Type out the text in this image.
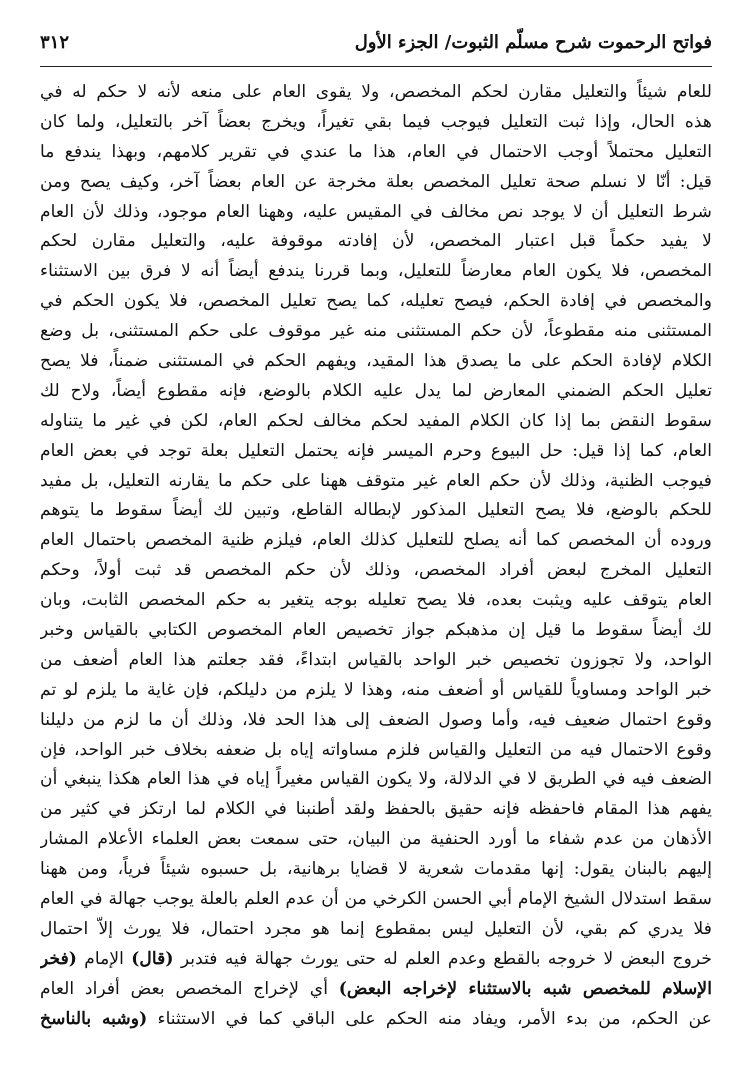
فواتح الرحموت شرح مسلّم الثبوت/ الجزء الأول
٣١٢
للعام شيئاً والتعليل مقارن لحكم المخصص، ولا يقوى العام على منعه لأنه لا حكم له في
هذه الحال، وإذا ثبت التعليل فيوجب فيما بقي تغيراً، ويخرج بعضاً آخر بالتعليل، ولما كان
التعليل محتملاً أوجب الاحتمال في العام، هذا ما عندي في تقرير كلامهم، وبهذا يندفع ما
قيل: أنّا لا نسلم صحة تعليل المخصص بعلة مخرجة عن العام بعضاً آخر، وكيف يصح ومن
شرط التعليل أن لا يوجد نص مخالف في المقيس عليه، وههنا العام موجود، وذلك لأن العام
لا يفيد حكماً قبل اعتبار المخصص، لأن إفادته موقوفة عليه، والتعليل مقارن لحكم
المخصص، فلا يكون العام معارضاً للتعليل، وبما قررنا يندفع أيضاً أنه لا فرق بين الاستثناء
والمخصص في إفادة الحكم، فيصح تعليله، كما يصح تعليل المخصص، فلا يكون الحكم في
المستثنى منه مقطوعاً، لأن حكم المستثنى منه غير موقوف على حكم المستثنى، بل وضع
الكلام لإفادة الحكم على ما يصدق هذا المقيد، ويفهم الحكم في المستثنى ضمناً، فلا يصح
تعليل الحكم الضمني المعارض لما يدل عليه الكلام بالوضع، فإنه مقطوع أيضاً، ولاح لك
سقوط النقض بما إذا كان الكلام المفيد لحكم مخالف لحكم العام، لكن في غير ما يتناوله
العام، كما إذا قيل: حل البيوع وحرم الميسر فإنه يحتمل التعليل بعلة توجد في بعض العام
فيوجب الظنية، وذلك لأن حكم العام غير متوقف ههنا على حكم ما يقارنه التعليل، بل مفيد
للحكم بالوضع، فلا يصح التعليل المذكور لإبطاله القاطع، وتبين لك أيضاً سقوط ما يتوهم
وروده أن المخصص كما أنه يصلح للتعليل كذلك العام، فيلزم ظنية المخصص باحتمال العام
التعليل المخرج لبعض أفراد المخصص، وذلك لأن حكم المخصص قد ثبت أولاً، وحكم
العام يتوقف عليه ويثبت بعده، فلا يصح تعليله بوجه يتغير به حكم المخصص الثابت، وبان
لك أيضاً سقوط ما قيل إن مذهبكم جواز تخصيص العام المخصوص الكتابي بالقياس وخبر
الواحد، ولا تجوزون تخصيص خبر الواحد بالقياس ابتداءً، فقد جعلتم هذا العام أضعف من
خبر الواحد ومساوياً للقياس أو أضعف منه، وهذا لا يلزم من دليلكم، فإن غاية ما يلزم لو تم
وقوع احتمال ضعيف فيه، وأما وصول الضعف إلى هذا الحد فلا، وذلك أن ما لزم من دليلنا
وقوع الاحتمال فيه من التعليل والقياس فلزم مساواته إياه بل ضعفه بخلاف خبر الواحد، فإن
الضعف فيه في الطريق لا في الدلالة، ولا يكون القياس مغيراً إياه في هذا العام هكذا ينبغي أن
يفهم هذا المقام فاحفظه فإنه حقيق بالحفظ ولقد أطنبنا في الكلام لما ارتكز في كثير من
الأذهان من عدم شفاء ما أورد الحنفية من البيان، حتى سمعت بعض العلماء الأعلام المشار
إليهم بالبنان يقول: إنها مقدمات شعرية لا قضايا برهانية، بل حسبوه شيئاً فرياً، ومن ههنا
سقط استدلال الشيخ الإمام أبي الحسن الكرخي من أن عدم العلم بالعلة يوجب جهالة في العام
فلا يدري كم بقي، لأن التعليل ليس بمقطوع إنما هو مجرد احتمال، فلا يورث إلاّ احتمال
خروج البعض لا خروجه بالقطع وعدم العلم له حتى يورث جهالة فيه فتدبر (قال) الإمام (فخر
الإسلام للمخصص شبه بالاستثناء لإخراجه البعض) أي لإخراج المخصص بعض أفراد العام
عن الحكم، من بدء الأمر، ويفاد منه الحكم على الباقي كما في الاستثناء (وشبه بالناسخ
